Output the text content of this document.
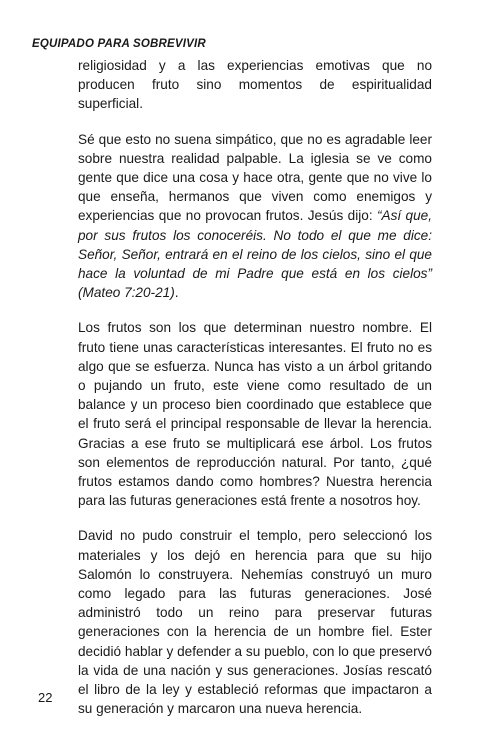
EQUIPADO PARA SOBREVIVIR

religiosidad y a las experiencias emotivas que no producen fruto sino momentos de espiritualidad superficial.

Sé que esto no suena simpático, que no es agradable leer sobre nuestra realidad palpable. La iglesia se ve como gente que dice una cosa y hace otra, gente que no vive lo que enseña, hermanos que viven como enemigos y experiencias que no provocan frutos. Jesús dijo: “Así que, por sus frutos los conoceréis. No todo el que me dice: Señor, Señor, entrará en el reino de los cielos, sino el que hace la voluntad de mi Padre que está en los cielos” (Mateo 7:20-21).

Los frutos son los que determinan nuestro nombre. El fruto tiene unas características interesantes. El fruto no es algo que se esfuerza. Nunca has visto a un árbol gritando o pujando un fruto, este viene como resultado de un balance y un proceso bien coordinado que establece que el fruto será el principal responsable de llevar la herencia. Gracias a ese fruto se multiplicará ese árbol. Los frutos son elementos de reproducción natural. Por tanto, ¿qué frutos estamos dando como hombres? Nuestra herencia para las futuras generaciones está frente a nosotros hoy.

David no pudo construir el templo, pero seleccionó los materiales y los dejó en herencia para que su hijo Salomón lo construyera. Nehemías construyó un muro como legado para las futuras generaciones. José administró todo un reino para preservar futuras generaciones con la herencia de un hombre fiel. Ester decidió hablar y defender a su pueblo, con lo que preservó la vida de una nación y sus generaciones. Josías rescató el libro de la ley y estableció reformas que impactaron a su generación y marcaron una nueva herencia.

22
